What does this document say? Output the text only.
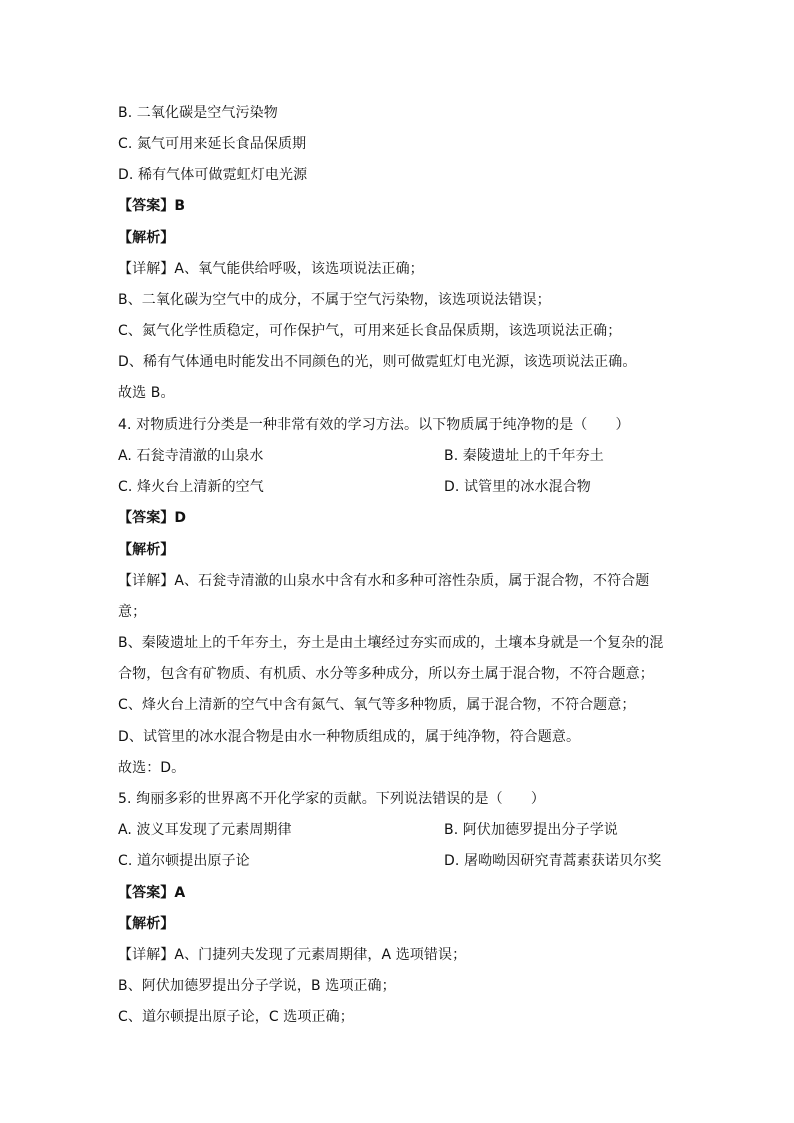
B. 二氧化碳是空气污染物
C. 氮气可用来延长食品保质期
D. 稀有气体可做霓虹灯电光源
【答案】B
【解析】
【详解】A、氧气能供给呼吸，该选项说法正确；
B、二氧化碳为空气中的成分，不属于空气污染物，该选项说法错误；
C、氮气化学性质稳定，可作保护气，可用来延长食品保质期，该选项说法正确；
D、稀有气体通电时能发出不同颜色的光，则可做霓虹灯电光源，该选项说法正确。
故选 B。
4. 对物质进行分类是一种非常有效的学习方法。以下物质属于纯净物的是（　　）
A. 石瓮寺清澈的山泉水	B. 秦陵遗址上的千年夯土
C. 烽火台上清新的空气	D. 试管里的冰水混合物
【答案】D
【解析】
【详解】A、石瓮寺清澈的山泉水中含有水和多种可溶性杂质，属于混合物，不符合题
意；
B、秦陵遗址上的千年夯土，夯土是由土壤经过夯实而成的，土壤本身就是一个复杂的混
合物，包含有矿物质、有机质、水分等多种成分，所以夯土属于混合物，不符合题意；
C、烽火台上清新的空气中含有氮气、氧气等多种物质，属于混合物，不符合题意；
D、试管里的冰水混合物是由水一种物质组成的，属于纯净物，符合题意。
故选：D。
5. 绚丽多彩的世界离不开化学家的贡献。下列说法错误的是（　　）
A. 波义耳发现了元素周期律	B. 阿伏加德罗提出分子学说
C. 道尔顿提出原子论	D. 屠呦呦因研究青蒿素获诺贝尔奖
【答案】A
【解析】
【详解】A、门捷列夫发现了元素周期律，A 选项错误；
B、阿伏加德罗提出分子学说，B 选项正确；
C、道尔顿提出原子论，C 选项正确；
